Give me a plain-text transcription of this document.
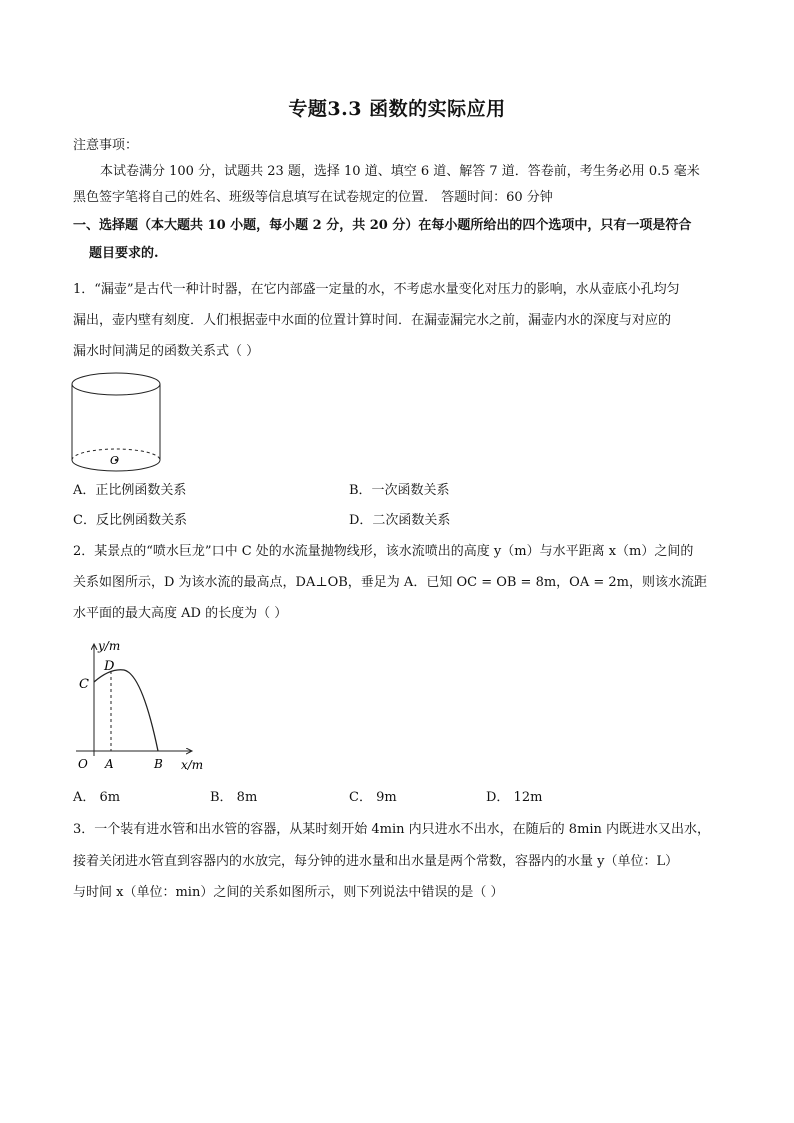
专题3.3 函数的实际应用
注意事项：
本试卷满分 100 分，试题共 23 题，选择 10 道、填空 6 道、解答 7 道．答卷前，考生务必用 0.5 毫米
黑色签字笔将自己的姓名、班级等信息填写在试卷规定的位置． 答题时间：60 分钟
一、选择题（本大题共 10 小题，每小题 2 分，共 20 分）在每小题所给出的四个选项中，只有一项是符合
题目要求的.
1．“漏壶”是古代一种计时器，在它内部盛一定量的水，不考虑水量变化对压力的影响，水从壶底小孔均匀
漏出，壶内壁有刻度．人们根据壶中水面的位置计算时间．在漏壶漏完水之前，漏壶内水的深度与对应的
漏水时间满足的函数关系式（ ）
O
A．正比例函数关系	B．一次函数关系
C．反比例函数关系	D．二次函数关系
2．某景点的“喷水巨龙”口中 C 处的水流量抛物线形，该水流喷出的高度 y（m）与水平距离 x（m）之间的
关系如图所示，D 为该水流的最高点，DA⊥OB，垂足为 A．已知 OC = OB = 8m，OA = 2m，则该水流距
水平面的最大高度 AD 的长度为（ ）
y/m
x/m
O A	B
C
D
A． 6m	B． 8m	C． 9m	D． 12m
3．一个装有进水管和出水管的容器，从某时刻开始 4min 内只进水不出水，在随后的 8min 内既进水又出水，
接着关闭进水管直到容器内的水放完，每分钟的进水量和出水量是两个常数，容器内的水量 y（单位：L）
与时间 x（单位：min）之间的关系如图所示，则下列说法中错误的是（ ）
